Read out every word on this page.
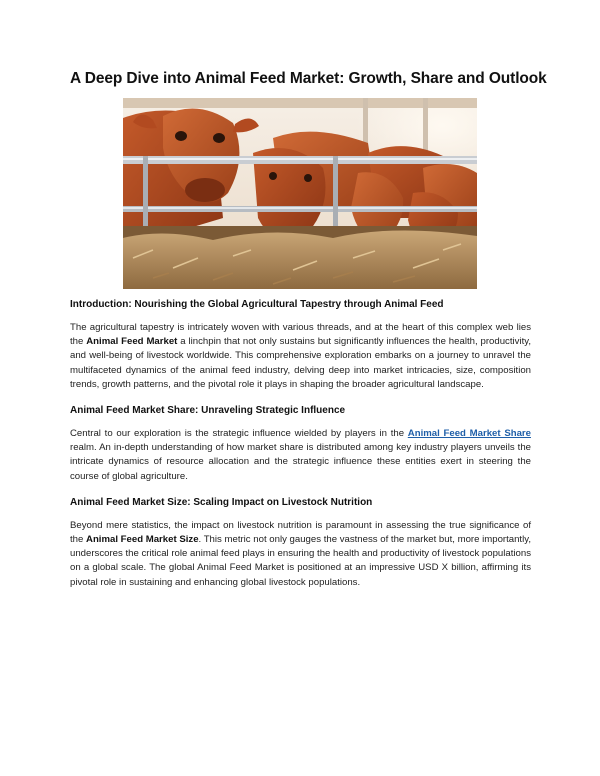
A Deep Dive into Animal Feed Market: Growth, Share and Outlook
Introduction: Nourishing the Global Agricultural Tapestry through Animal Feed

The agricultural tapestry is intricately woven with various threads, and at the heart of this complex web lies the Animal Feed Market a linchpin that not only sustains but significantly influences the health, productivity, and well-being of livestock worldwide. This comprehensive exploration embarks on a journey to unravel the multifaceted dynamics of the animal feed industry, delving deep into market intricacies, size, composition trends, growth patterns, and the pivotal role it plays in shaping the broader agricultural landscape.

Animal Feed Market Share: Unraveling Strategic Influence

Central to our exploration is the strategic influence wielded by players in the Animal Feed Market Share realm. An in-depth understanding of how market share is distributed among key industry players unveils the intricate dynamics of resource allocation and the strategic influence these entities exert in steering the course of global agriculture.

Animal Feed Market Size: Scaling Impact on Livestock Nutrition

Beyond mere statistics, the impact on livestock nutrition is paramount in assessing the true significance of the Animal Feed Market Size. This metric not only gauges the vastness of the market but, more importantly, underscores the critical role animal feed plays in ensuring the health and productivity of livestock populations on a global scale. The global Animal Feed Market is positioned at an impressive USD X billion, affirming its pivotal role in sustaining and enhancing global livestock populations.
